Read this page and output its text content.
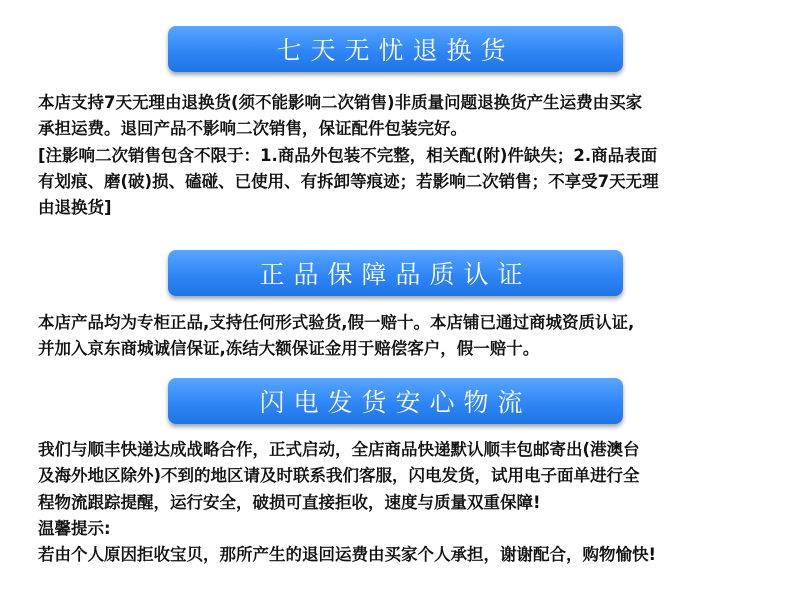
七天无忧退换货
本店支持7天无理由退换货(须不能影响二次销售)非质量问题退换货产生运费由买家
承担运费。退回产品不影响二次销售，保证配件包装完好。
[注影响二次销售包含不限于：1.商品外包装不完整，相关配(附)件缺失；2.商品表面
有划痕、磨(破)损、磕碰、已使用、有拆卸等痕迹；若影响二次销售；不享受7天无理
由退换货]
正品保障品质认证
本店产品均为专柜正品,支持任何形式验货,假一赔十。本店铺已通过商城资质认证,
并加入京东商城诚信保证,冻结大额保证金用于赔偿客户，假一赔十。
闪电发货安心物流
我们与顺丰快递达成战略合作，正式启动，全店商品快递默认顺丰包邮寄出(港澳台
及海外地区除外)不到的地区请及时联系我们客服，闪电发货，试用电子面单进行全
程物流跟踪提醒，运行安全，破损可直接拒收，速度与质量双重保障!
温馨提示:
若由个人原因拒收宝贝，那所产生的退回运费由买家个人承担，谢谢配合，购物愉快!
